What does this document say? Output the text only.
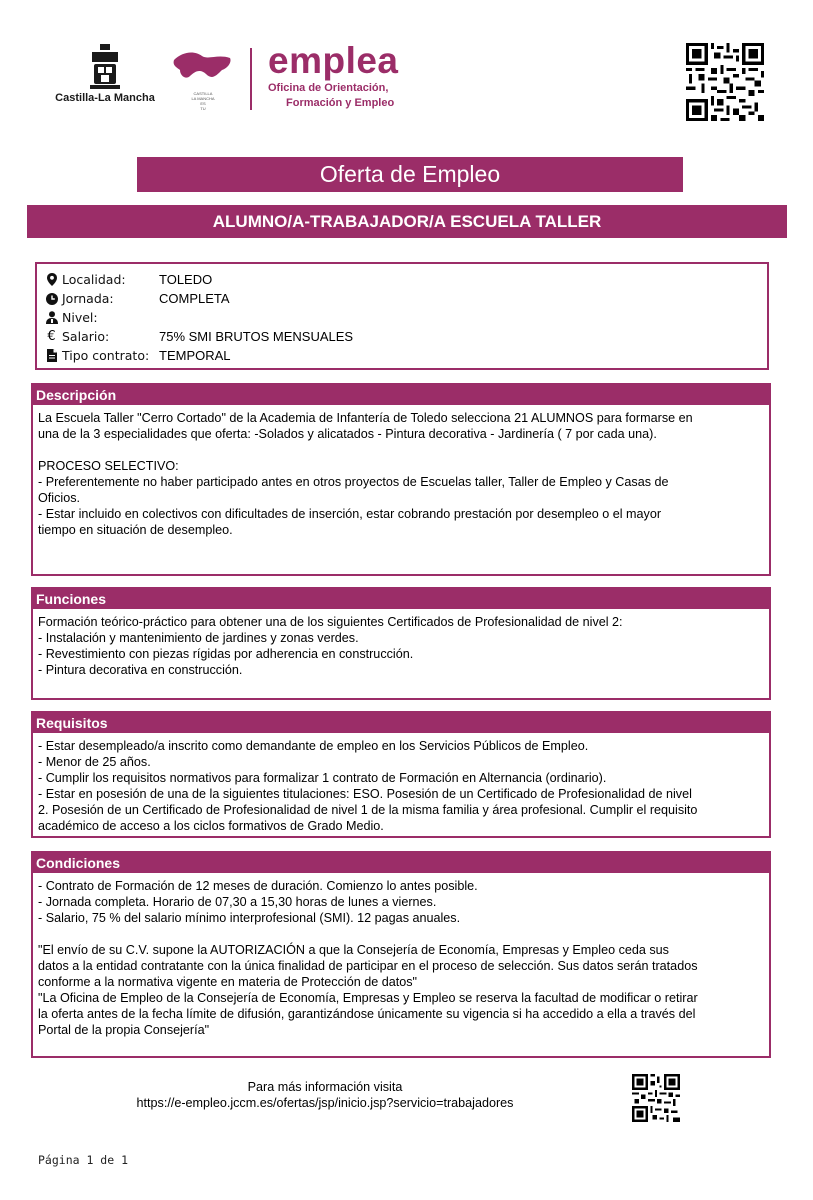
Castilla-La Mancha	CASTILLA
LA MANCHA
ES
TU
emplea
Oficina de Orientación,
Formación y Empleo
Oferta de Empleo
ALUMNO/A-TRABAJADOR/A ESCUELA TALLER
Localidad:	TOLEDO
Jornada:	COMPLETA
Nivel:
€ Salario:	75% SMI BRUTOS MENSUALES
Tipo contrato: TEMPORAL
Descripción

La Escuela Taller "Cerro Cortado" de la Academia de Infantería de Toledo selecciona 21 ALUMNOS para formarse en

una de la 3 especialidades que oferta: -Solados y alicatados - Pintura decorativa - Jardinería ( 7 por cada una).

PROCESO SELECTIVO:

- Preferentemente no haber participado antes en otros proyectos de Escuelas taller, Taller de Empleo y Casas de

Oficios.

- Estar incluido en colectivos con dificultades de inserción, estar cobrando prestación por desempleo o el mayor

tiempo en situación de desempleo.

Funciones

Formación teórico-práctico para obtener una de los siguientes Certificados de Profesionalidad de nivel 2:

- Instalación y mantenimiento de jardines y zonas verdes.

- Revestimiento con piezas rígidas por adherencia en construcción.

- Pintura decorativa en construcción.

Requisitos

- Estar desempleado/a inscrito como demandante de empleo en los Servicios Públicos de Empleo.

- Menor de 25 años.

- Cumplir los requisitos normativos para formalizar 1 contrato de Formación en Alternancia (ordinario).

- Estar en posesión de una de la siguientes titulaciones: ESO. Posesión de un Certificado de Profesionalidad de nivel

2. Posesión de un Certificado de Profesionalidad de nivel 1 de la misma familia y área profesional. Cumplir el requisito

académico de acceso a los ciclos formativos de Grado Medio.

Condiciones

- Contrato de Formación de 12 meses de duración. Comienzo lo antes posible.

- Jornada completa. Horario de 07,30 a 15,30 horas de lunes a viernes.

- Salario, 75 % del salario mínimo interprofesional (SMI). 12 pagas anuales.

"El envío de su C.V. supone la AUTORIZACIÓN a que la Consejería de Economía, Empresas y Empleo ceda sus

datos a la entidad contratante con la única finalidad de participar en el proceso de selección. Sus datos serán tratados

conforme a la normativa vigente en materia de Protección de datos"

"La Oficina de Empleo de la Consejería de Economía, Empresas y Empleo se reserva la facultad de modificar o retirar

la oferta antes de la fecha límite de difusión, garantizándose únicamente su vigencia si ha accedido a ella a través del

Portal de la propia Consejería"

Para más información visita
https://e-empleo.jccm.es/ofertas/jsp/inicio.jsp?servicio=trabajadores
Página 1 de 1
